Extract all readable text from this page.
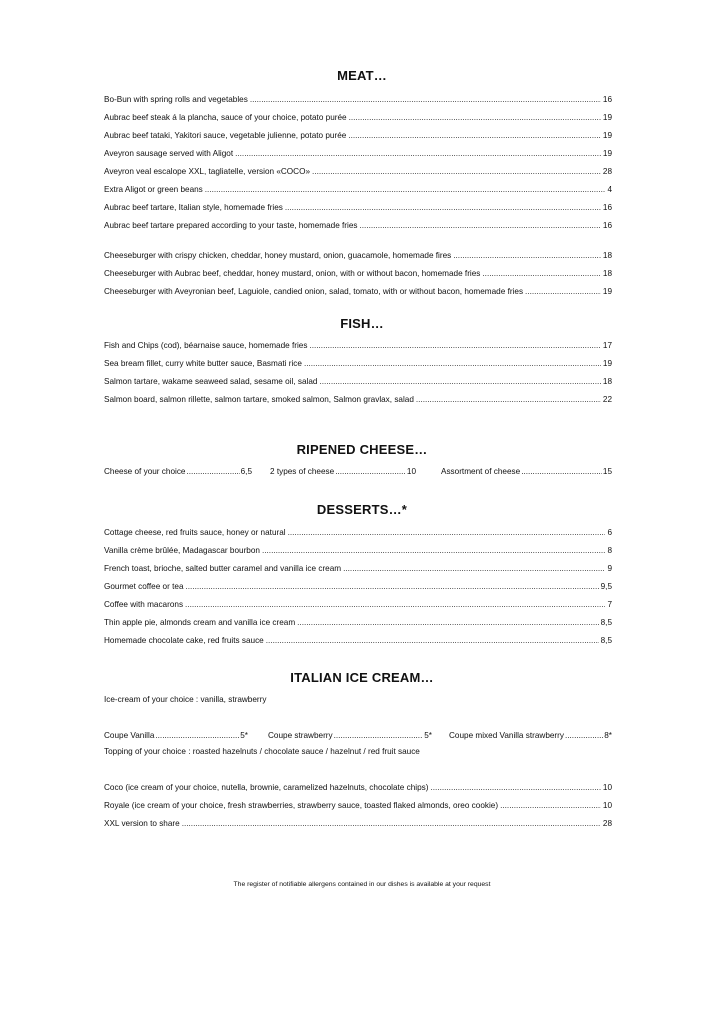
MEAT…
Bo-Bun with spring rolls and vegetables .....	16
Aubrac beef steak á la plancha, sauce of your choice, potato purée .....	19
Aubrac beef tataki, Yakitori sauce, vegetable julienne, potato purée .....	19
Aveyron sausage served with Aligot .....	19
Aveyron veal escalope XXL, tagliatelle, version «COCO» .....	28
Extra Aligot or green beans .....	4
Aubrac beef tartare, Italian style, homemade fries .....	16
Aubrac beef tartare prepared according to your taste, homemade fries .....	16
Cheeseburger with crispy chicken, cheddar, honey mustard, onion, guacamole, homemade fires .....	18
Cheeseburger with Aubrac beef, cheddar, honey mustard, onion, with or without bacon, homemade fries .....	18
Cheeseburger with Aveyronian beef, Laguiole, candied onion, salad, tomato, with or without bacon, homemade fries .....	19
FISH…
Fish and Chips (cod), béarnaise sauce, homemade fries .....	17
Sea bream fillet, curry white butter sauce, Basmati rice .....	19
Salmon tartare, wakame seaweed salad, sesame oil, salad .....	18
Salmon board, salmon rillette, salmon tartare, smoked salmon, Salmon gravlax, salad .....	22
RIPENED CHEESE…
Cheese of your choice .....	6,5 2 types of cheese .....	10	Assortment of cheese .....	15
DESSERTS…*
Cottage cheese, red fruits sauce, honey or natural .....	6
Vanilla crème brûlée, Madagascar bourbon .....	8
French toast, brioche, salted butter caramel and vanilla ice cream .....	9
Gourmet coffee or tea .....	9,5
Coffee with macarons .....	7
Thin apple pie, almonds cream and vanilla ice cream .....	8,5
Homemade chocolate cake, red fruits sauce .....	8,5
ITALIAN ICE CREAM…
Ice-cream of your choice : vanilla, strawberry
Coupe Vanilla .....	5* Coupe strawberry .....	5* Coupe mixed Vanilla strawberry .....	8*
Topping of your choice : roasted hazelnuts / chocolate sauce / hazelnut / red fruit sauce
Coco (ice cream of your choice, nutella, brownie, caramelized hazelnuts, chocolate chips) .....	10
Royale (ice cream of your choice, fresh strawberries, strawberry sauce, toasted flaked almonds, oreo cookie) .....	10
XXL version to share .....	28
The register of notifiable allergens contained in our dishes is available at your request
